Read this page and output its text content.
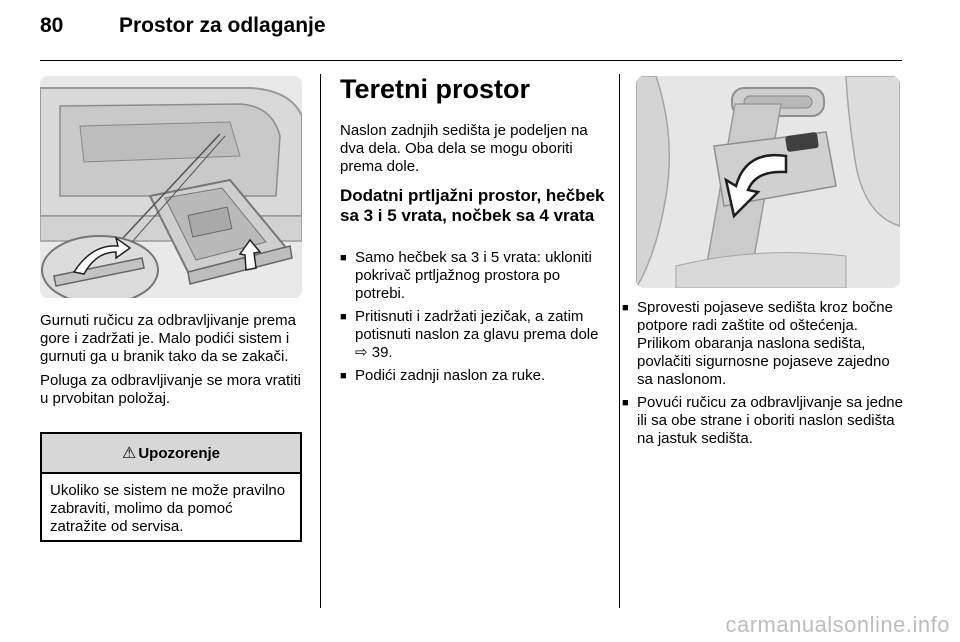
80	Prostor za odlaganje

Gurnuti ručicu za odbravljivanje prema gore i zadržati je. Malo podići sistem i gurnuti ga u branik tako da se zakači.

Poluga za odbravljivanje se mora vratiti u prvobitan položaj.

⚠ Upozorenje
Ukoliko se sistem ne može pravilno zabraviti, molimo da pomoć zatražite od servisa.
Teretni prostor

Naslon zadnjih sedišta je podeljen na dva dela. Oba dela se mogu oboriti prema dole.

Dodatni prtljažni prostor, hečbek sa 3 i 5 vrata, nočbek sa 4 vrata
■ Samo hečbek sa 3 i 5 vrata: ukloniti pokrivač prtljažnog prostora po potrebi.
■ Pritisnuti i zadržati jezičak, a zatim potisnuti naslon za glavu prema dole ⇨ 39.
■ Podići zadnji naslon za ruke.
■ Sprovesti pojaseve sedišta kroz bočne potpore radi zaštite od oštećenja. Prilikom obaranja naslona sedišta, povlačiti sigurnosne pojaseve zajedno sa naslonom.
■ Povući ručicu za odbravljivanje sa jedne ili sa obe strane i oboriti naslon sedišta na jastuk sedišta.
carmanualsonline.info
